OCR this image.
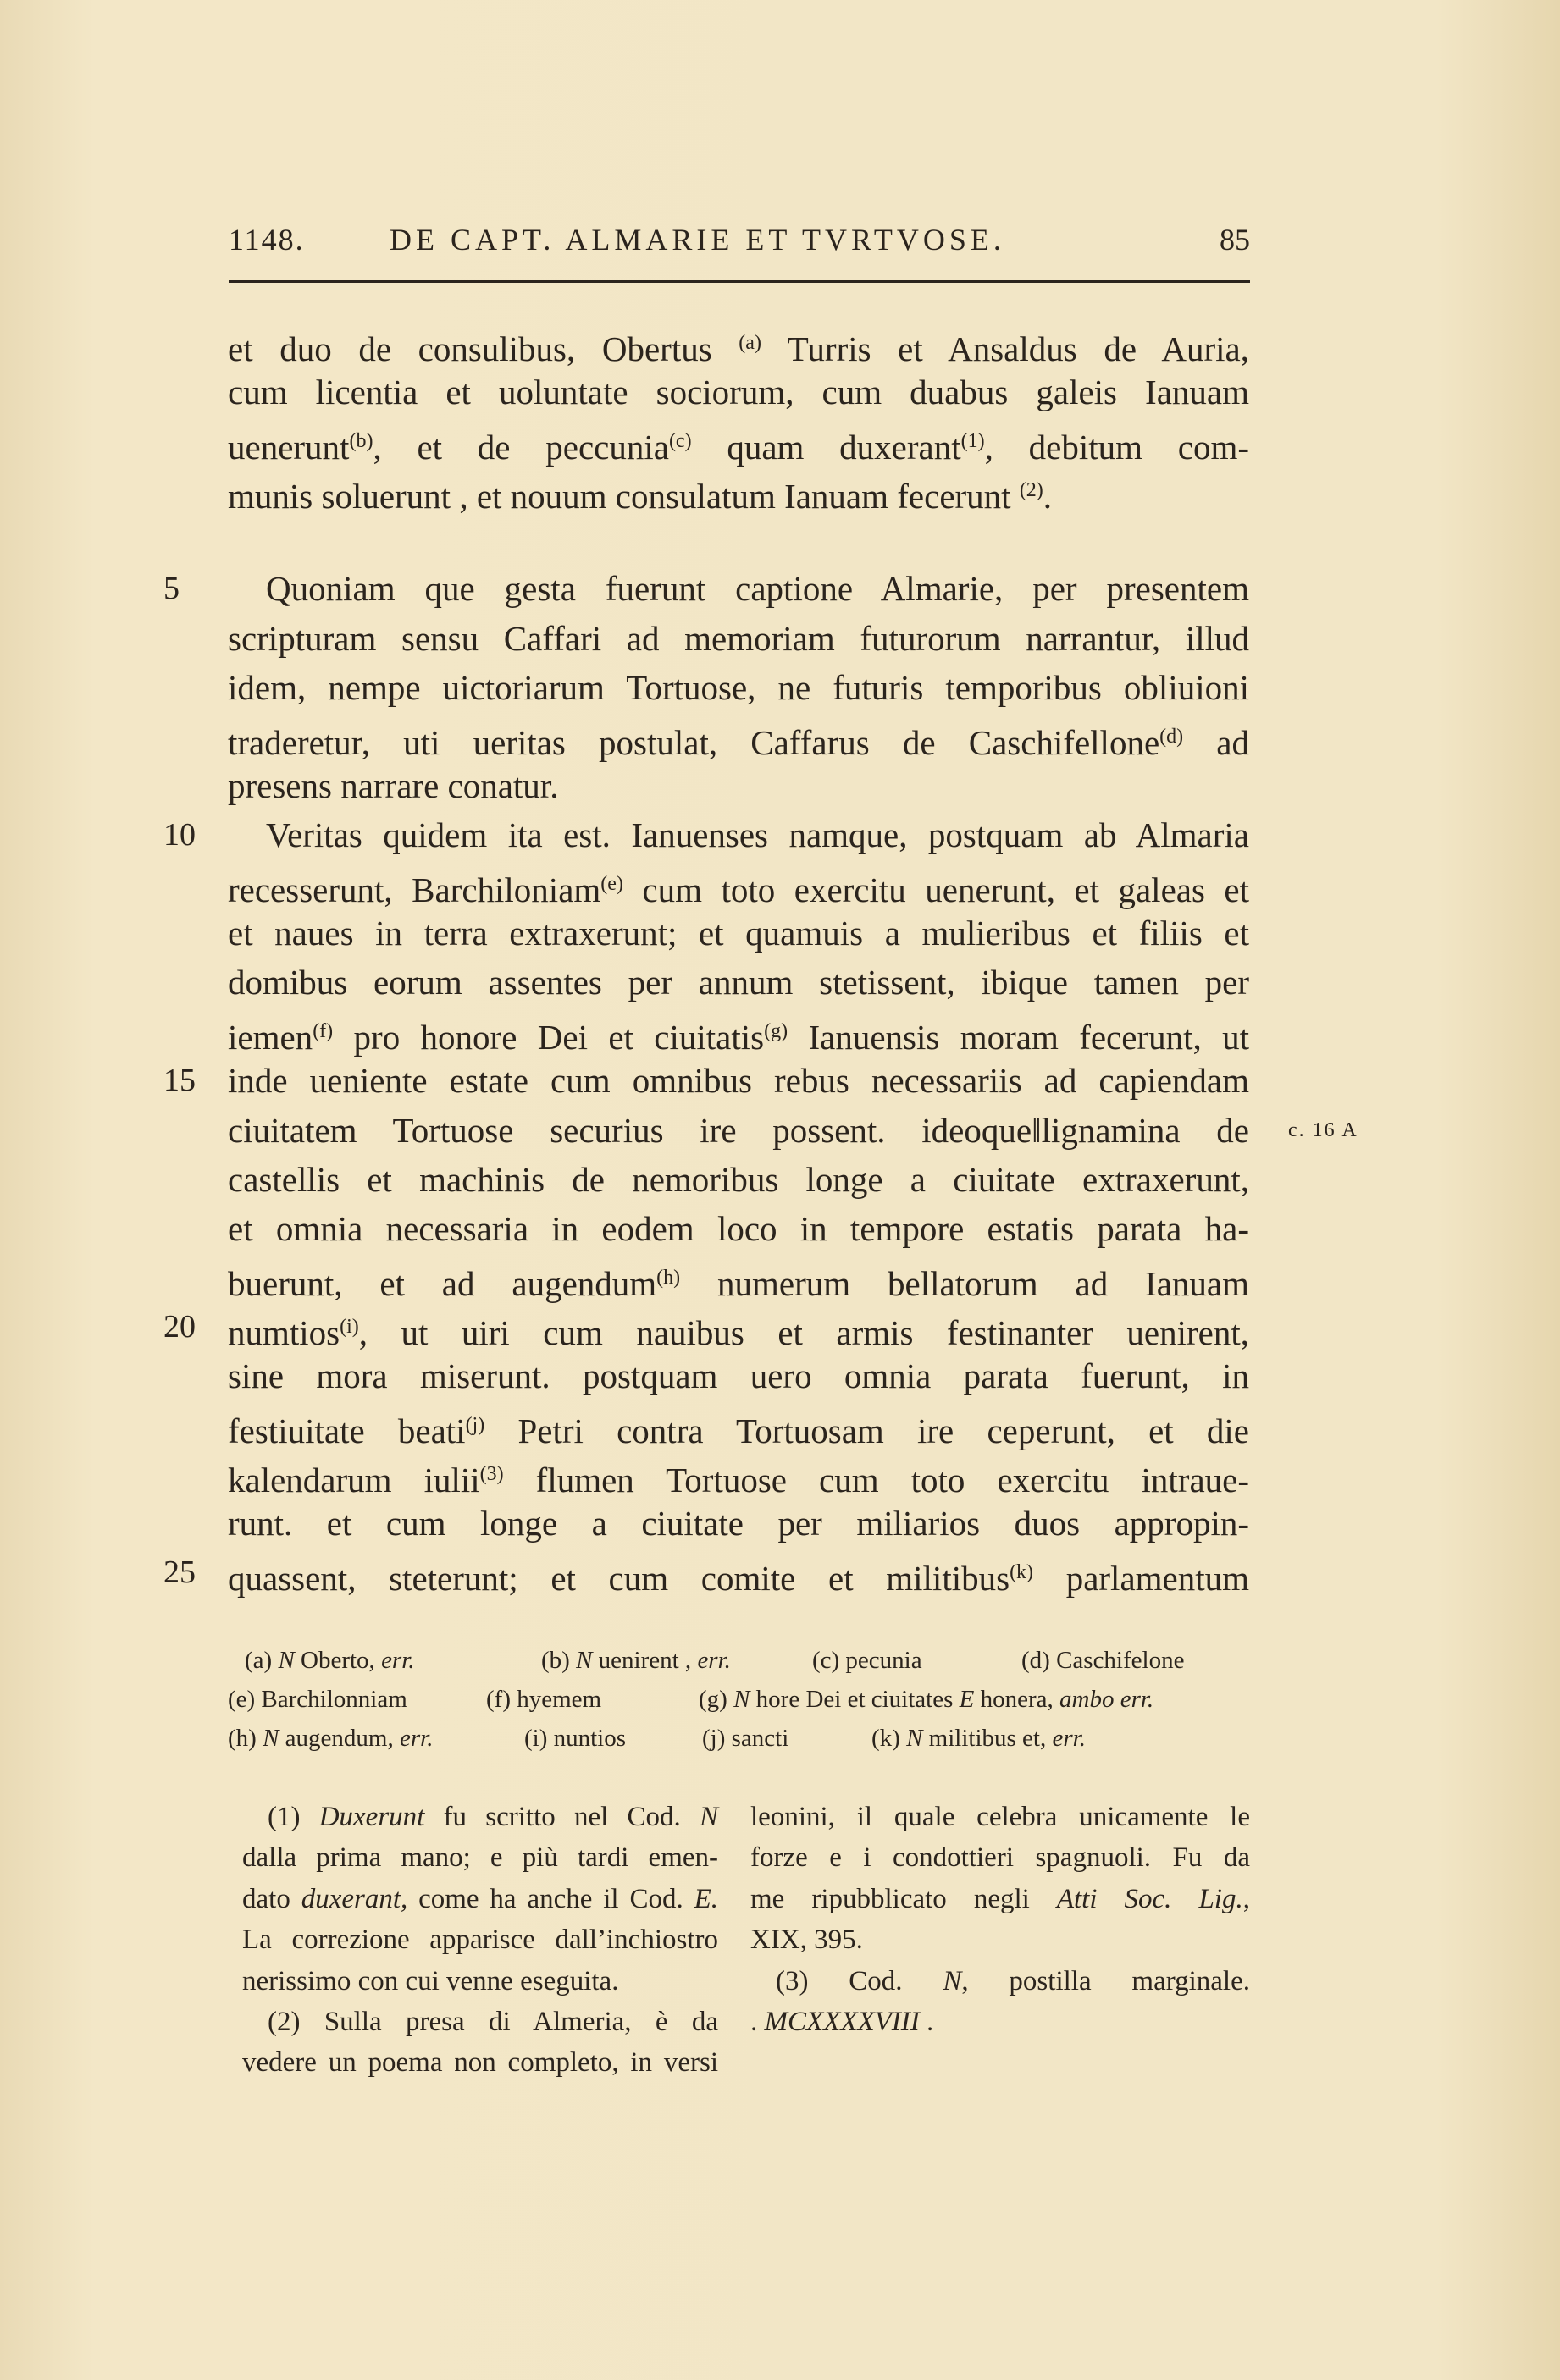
1148.	DE CAPT. ALMARIE ET TVRTVOSE.	85
et duo de consulibus, Obertus $^{(a)}$ Turris et Ansaldus de Auria,
cum licentia et uoluntate sociorum, cum duabus galeis Ianuam
uenerunt$^{(b)}$, et de peccunia$^{(c)}$ quam duxerant$^{(1)}$, debitum com-
munis soluerunt , et nouum consulatum Ianuam fecerunt $^{(2)}$.
5 Quoniam que gesta fuerunt captione Almarie, per presentem
scripturam sensu Caffari ad memoriam futurorum narrantur, illud
idem, nempe uictoriarum Tortuose, ne futuris temporibus obliuioni
traderetur, uti ueritas postulat, Caffarus de Caschifellone$^{(d)}$ ad
presens narrare conatur.
10 Veritas quidem ita est. Ianuenses namque, postquam ab Almaria
recesserunt, Barchiloniam$^{(e)}$ cum toto exercitu uenerunt, et galeas et
et naues in terra extraxerunt; et quamuis a mulieribus et filiis et
domibus eorum assentes per annum stetissent, ibique tamen per
iemen$^{(f)}$ pro honore Dei et ciuitatis$^{(g)}$ Ianuensis moram fecerunt, ut
15 inde ueniente estate cum omnibus rebus necessariis ad capiendam
c. 16 A
ciuitatem Tortuose securius ire possent. ideoque‖lignamina de
castellis et machinis de nemoribus longe a ciuitate extraxerunt,
et omnia necessaria in eodem loco in tempore estatis parata ha-
buerunt, et ad augendum$^{(h)}$ numerum bellatorum ad Ianuam
20 numtios$^{(i)}$, ut uiri cum nauibus et armis festinanter uenirent,
sine mora miserunt. postquam uero omnia parata fuerunt, in
festiuitate beati$^{(j)}$ Petri contra Tortuosam ire ceperunt, et die
kalendarum iulii$^{(3)}$ flumen Tortuose cum toto exercitu intraue-
runt. et cum longe a ciuitate per miliarios duos appropin-
25 quassent, steterunt; et cum comite et militibus$^{(k)}$ parlamentum
(a) N Oberto, err.	(b) N uenirent , err.	(c) pecunia	(d) Caschifelone
(e) Barchilonniam	(f) hyemem	(g) N hore Dei et ciuitates E honera, ambo err.
(h) N augendum, err.	(i) nuntios	(j) sancti	(k) N militibus et, err.
(1) Duxerunt fu scritto nel Cod. N
dalla prima mano; e più tardi emen-
dato duxerant, come ha anche il Cod. E.
La correzione apparisce dall’inchiostro
nerissimo con cui venne eseguita.
(2) Sulla presa di Almeria, è da
vedere un poema non completo, in versi
leonini, il quale celebra unicamente le
forze e i condottieri spagnuoli. Fu da
me ripubblicato negli Atti Soc. Lig.,
XIX, 395.
(3) Cod. N, postilla marginale.
. MCXXXXVIII .
